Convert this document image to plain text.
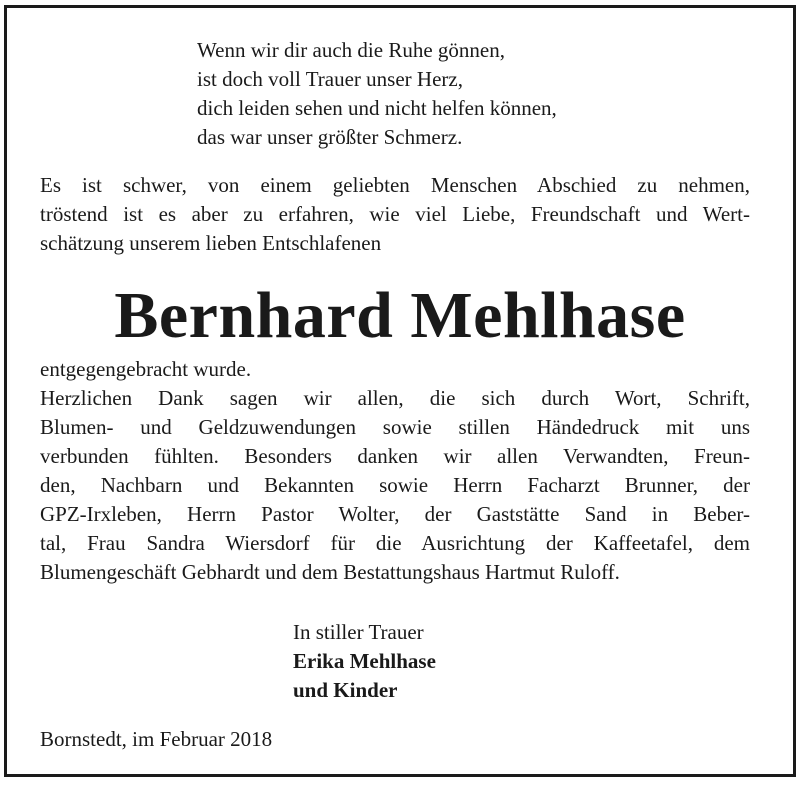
Wenn wir dir auch die Ruhe gönnen,
ist doch voll Trauer unser Herz,
dich leiden sehen und nicht helfen können,
das war unser größter Schmerz.
Es ist schwer, von einem geliebten Menschen Abschied zu nehmen,
tröstend ist es aber zu erfahren, wie viel Liebe, Freundschaft und Wert-
schätzung unserem lieben Entschlafenen
Bernhard Mehlhase
entgegengebracht wurde.
Herzlichen Dank sagen wir allen, die sich durch Wort, Schrift,
Blumen- und Geldzuwendungen sowie stillen Händedruck mit uns
verbunden fühlten. Besonders danken wir allen Verwandten, Freun-
den, Nachbarn und Bekannten sowie Herrn Facharzt Brunner, der
GPZ-Irxleben, Herrn Pastor Wolter, der Gaststätte Sand in Beber-
tal, Frau Sandra Wiersdorf für die Ausrichtung der Kaffeetafel, dem
Blumengeschäft Gebhardt und dem Bestattungshaus Hartmut Ruloff.
In stiller Trauer
Erika Mehlhase
und Kinder
Bornstedt, im Februar 2018
